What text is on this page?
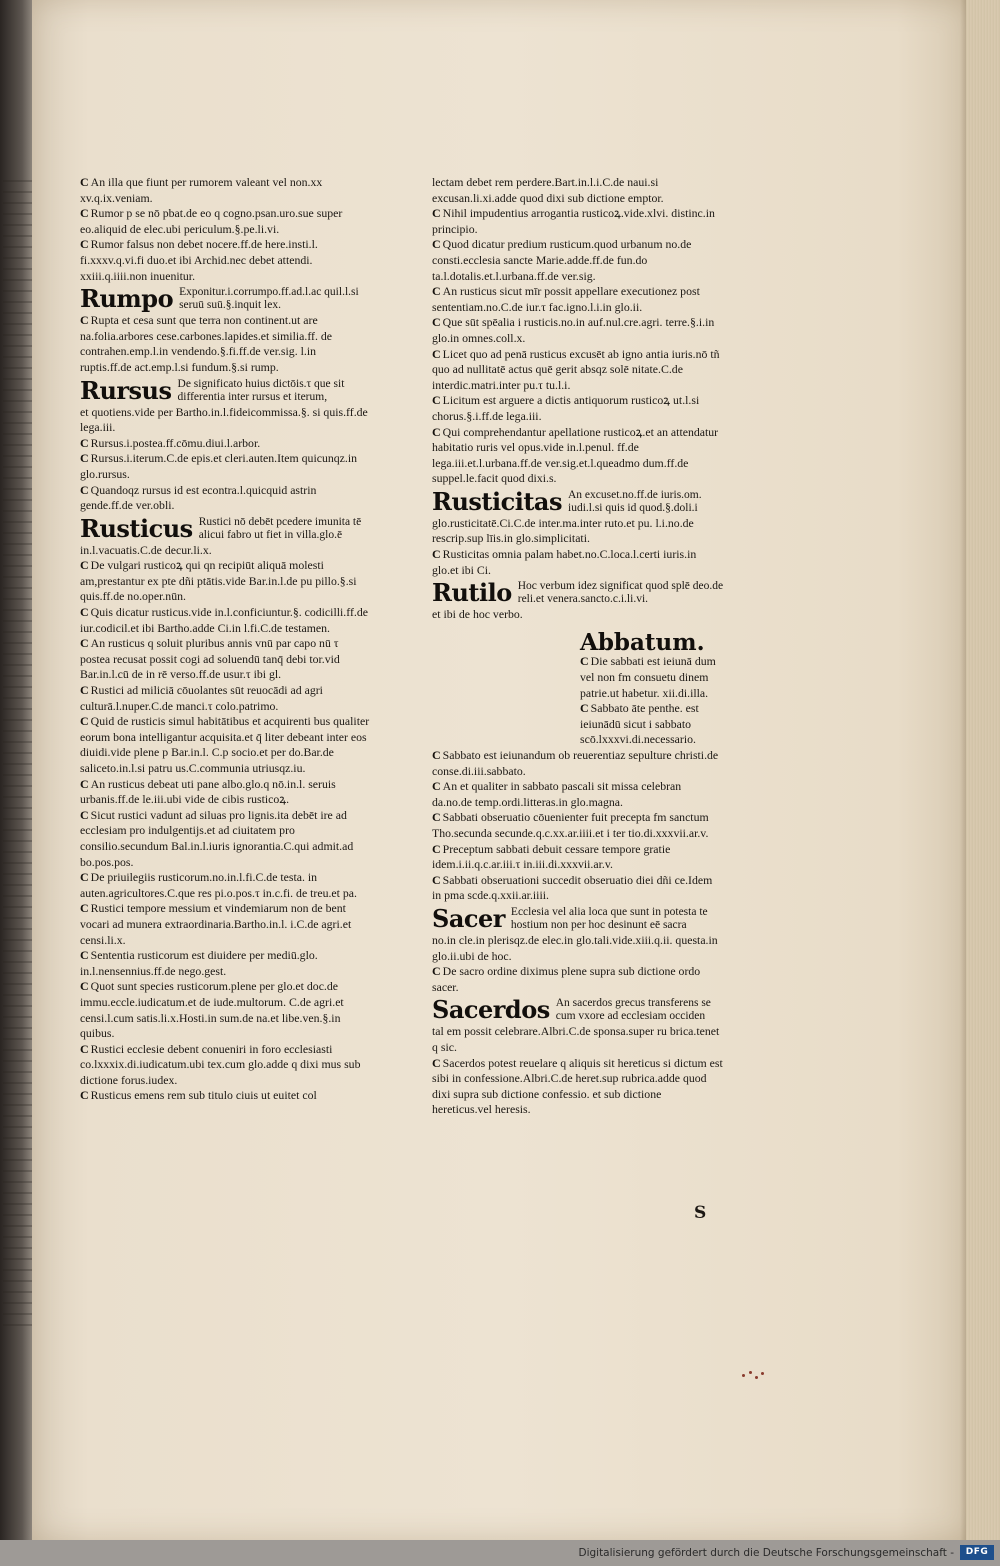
C An illa que fiunt per rumorem valeant vel non.xx xv.q.ix.veniam.
C Rumor p se nō pbat.de eo q cogno.psan.uro.sue super eo.aliquid de elec.ubi periculum.§.pe.li.vi.
C Rumor falsus non debet nocere.ff.de here.insti.l. fi.xxxv.q.vi.fi duo.et ibi Archid.nec debet attendi. xxiii.q.iiii.non inuenitur.
Rumpo Exponitur.i.corrumpo.ff.ad.l.ac quil.l.si seruū suū.§.inquit lex.
C Rupta et cesa sunt que terra non continent.ut are na.folia.arbores cese.carbones.lapides.et similia.ff. de contrahen.emp.l.in vendendo.§.fi.ff.de ver.sig. l.in ruptis.ff.de act.emp.l.si fundum.§.si rump.
Rursus De significato huius dictōis.τ que sit differentia inter rursus et iterum,
et quotiens.vide per Bartho.in.l.fideicommissa.§. si quis.ff.de lega.iii.
C Rursus.i.postea.ff.cōmu.diui.l.arbor.
C Rursus.i.iterum.C.de epis.et cleri.auten.Item quicunqz.in glo.rursus.
C Quandoqz rursus id est econtra.l.quicquid astrin gende.ff.de ver.obli.
Rusticus Rustici nō debēt pcedere imunita tē alicui fabro ut fiet in villa.glo.ē
in.l.vacuatis.C.de decur.li.x.
C De vulgari rusticoꝝ qui qn recipiūt aliquā molesti am,prestantur ex pte dñi ptātis.vide Bar.in.l.de pu pillo.§.si quis.ff.de no.oper.nūn.
C Quis dicatur rusticus.vide in.l.conficiuntur.§. codicilli.ff.de iur.codicil.et ibi Bartho.adde Ci.in l.fi.C.de testamen.
C An rusticus q soluit pluribus annis vnū par capo nū τ postea recusat possit cogi ad soluendū tanq̄ debi tor.vid Bar.in.l.cū de in rē verso.ff.de usur.τ ibi gl.
C Rustici ad miliciā cōuolantes sūt reuocādi ad agri culturā.l.nuper.C.de manci.τ colo.patrimo.
C Quid de rusticis simul habitātibus et acquirenti bus qualiter eorum bona intelligantur acquisita.et q̄ liter debeant inter eos diuidi.vide plene p Bar.in.l. C.p socio.et per do.Bar.de saliceto.in.l.si patru us.C.communia utriusqz.iu.
C An rusticus debeat uti pane albo.glo.q nō.in.l. seruis urbanis.ff.de le.iii.ubi vide de cibis rusticoꝝ.
C Sicut rustici vadunt ad siluas pro lignis.ita debēt ire ad ecclesiam pro indulgentijs.et ad ciuitatem pro consilio.secundum Bal.in.l.iuris ignorantia.C.qui admit.ad bo.pos.pos.
C De priuilegiis rusticorum.no.in.l.fi.C.de testa. in auten.agricultores.C.que res pi.o.pos.τ in.c.fi. de treu.et pa.
C Rustici tempore messium et vindemiarum non de bent vocari ad munera extraordinaria.Bartho.in.l. i.C.de agri.et censi.li.x.
C Sententia rusticorum est diuidere per mediū.glo. in.l.nensennius.ff.de nego.gest.
C Quot sunt species rusticorum.plene per glo.et doc.de immu.eccle.iudicatum.et de iude.multorum. C.de agri.et censi.l.cum satis.li.x.Hosti.in sum.de na.et libe.ven.§.in quibus.
C Rustici ecclesie debent conueniri in foro ecclesiasti co.lxxxix.di.iudicatum.ubi tex.cum glo.adde q dixi mus sub dictione forus.iudex.
C Rusticus emens rem sub titulo ciuis ut euitet col
lectam debet rem perdere.Bart.in.l.i.C.de naui.si excusan.li.xi.adde quod dixi sub dictione emptor.
C Nihil impudentius arrogantia rusticoꝝ.vide.xlvi. distinc.in principio.
C Quod dicatur predium rusticum.quod urbanum no.de consti.ecclesia sancte Marie.adde.ff.de fun.do ta.l.dotalis.et.l.urbana.ff.de ver.sig.
C An rusticus sicut mīr possit appellare executionez post sententiam.no.C.de iur.τ fac.igno.l.i.in glo.ii.
C Que sūt spēalia i rusticis.no.in auf.nul.cre.agri. terre.§.i.in glo.in omnes.coll.x.
C Licet quo ad penā rusticus excusēt ab igno antia iuris.nō tñ quo ad nullitatē actus quē gerit absqz solē nitate.C.de interdic.matri.inter pu.τ tu.l.i.
C Licitum est arguere a dictis antiquorum rusticoꝝ ut.l.si chorus.§.i.ff.de lega.iii.
C Qui comprehendantur apellatione rusticoꝝ.et an attendatur habitatio ruris vel opus.vide in.l.penul. ff.de lega.iii.et.l.urbana.ff.de ver.sig.et.l.queadmo dum.ff.de suppel.le.facit quod dixi.s.
Rusticitas An excuset.no.ff.de iuris.om. iudi.l.si quis id quod.§.doli.i
glo.rusticitatē.Ci.C.de inter.ma.inter ruto.et pu. l.i.no.de rescrip.sup līis.in glo.simplicitati.
C Rusticitas omnia palam habet.no.C.loca.l.certi iuris.in glo.et ibi Ci.
Rutilo Hoc verbum idez significat quod splē deo.de reli.et venera.sancto.c.i.li.vi.
et ibi de hoc verbo.
Abbatum.
C Die sabbati est ieiunā dum vel non fm consuetu dinem patrie.ut habetur. xii.di.illa.
C Sabbato āte penthe. est ieiunādū sicut i sabbato scō.lxxxvi.di.necessario.
C Sabbato est ieiunandum ob reuerentiaz sepulture christi.de conse.di.iii.sabbato.
C An et qualiter in sabbato pascali sit missa celebran da.no.de temp.ordi.litteras.in glo.magna.
C Sabbati obseruatio cōuenienter fuit precepta fm sanctum Tho.secunda secunde.q.c.xx.ar.iiii.et i ter tio.di.xxxvii.ar.v.
C Preceptum sabbati debuit cessare tempore gratie idem.i.ii.q.c.ar.iii.τ in.iii.di.xxxvii.ar.v.
C Sabbati obseruationi succedit obseruatio diei dñi ce.Idem in pma scde.q.xxii.ar.iiii.
Sacer Ecclesia vel alia loca que sunt in potesta te hostium non per hoc desinunt eē sacra
no.in cle.in plerisqz.de elec.in glo.tali.vide.xiii.q.ii. questa.in glo.ii.ubi de hoc.
C De sacro ordine diximus plene supra sub dictione ordo sacer.
Sacerdos An sacerdos grecus transferens se cum vxore ad ecclesiam occiden
tal em possit celebrare.Albri.C.de sponsa.super ru brica.tenet q sic.
C Sacerdos potest reuelare q aliquis sit hereticus si dictum est sibi in confessione.Albri.C.de heret.sup rubrica.adde quod dixi supra sub dictione confessio. et sub dictione hereticus.vel heresis.
S
Digitalisierung gefördert durch die Deutsche Forschungsgemeinschaft -	DFG
